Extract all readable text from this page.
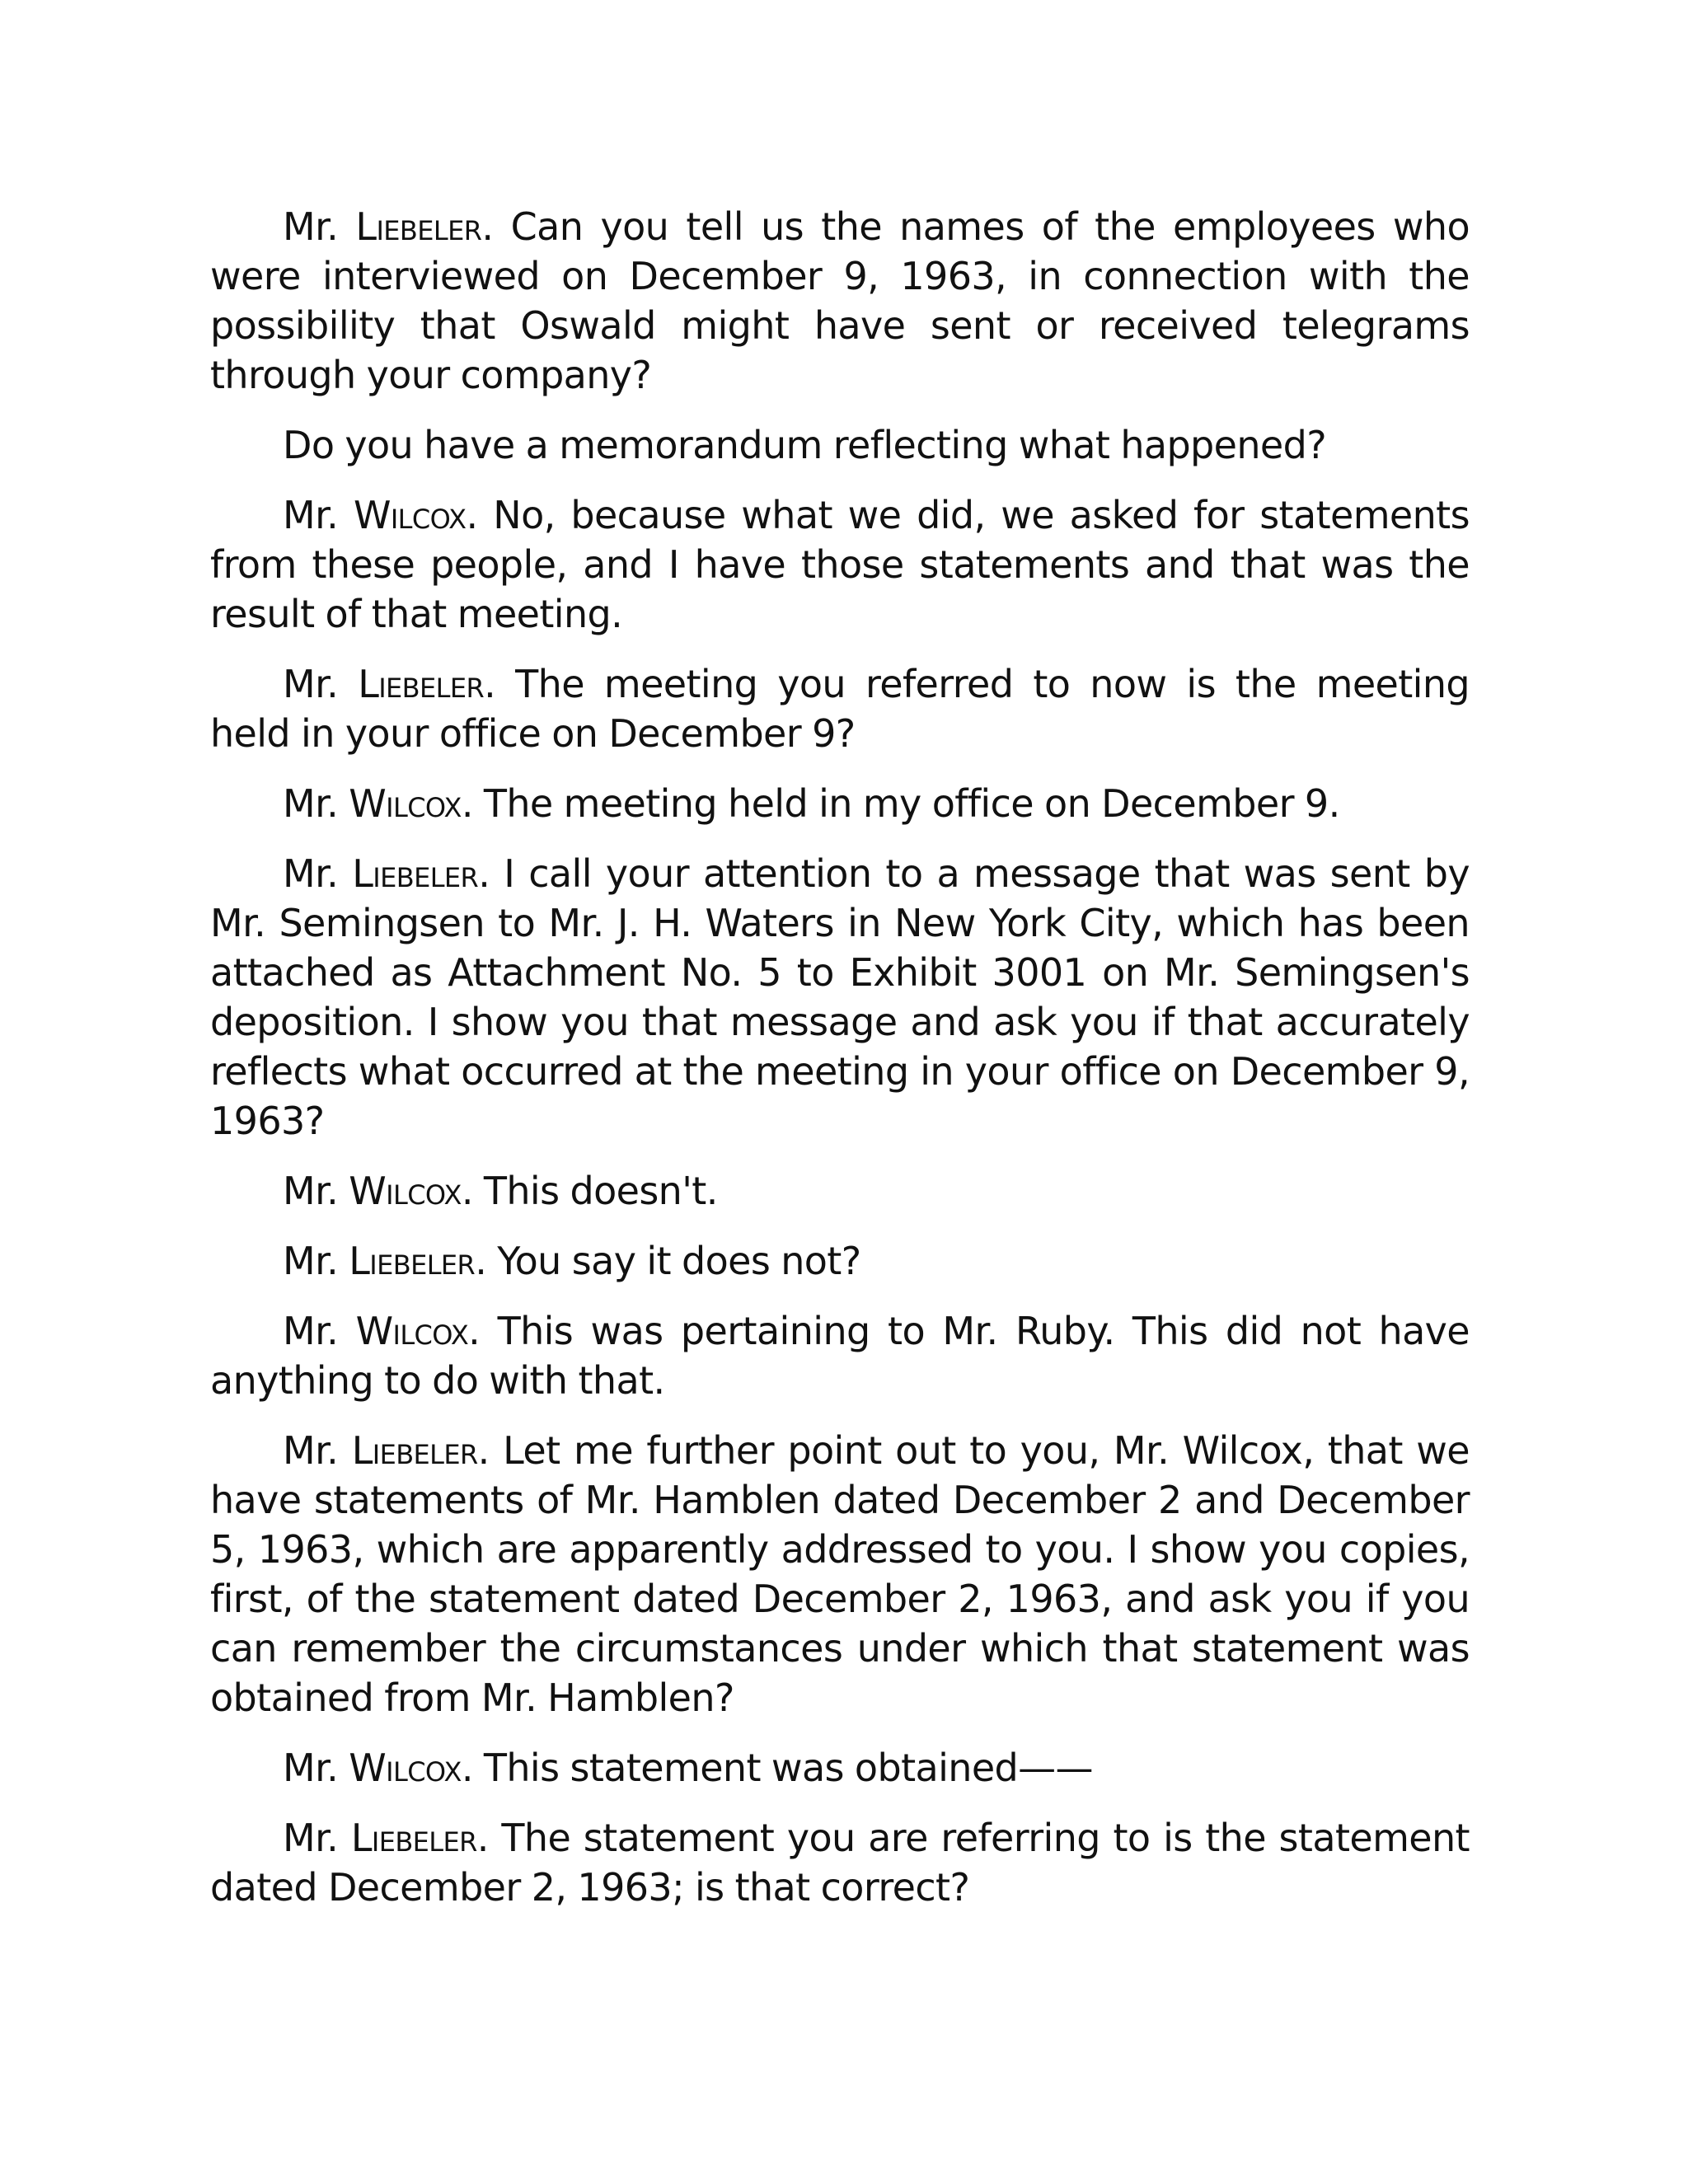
Mr. Liebeler. Can you tell us the names of the employees who were interviewed on December 9, 1963, in connection with the possibility that Oswald might have sent or received telegrams through your company?

Do you have a memorandum reflecting what happened?

Mr. Wilcox. No, because what we did, we asked for statements from these people, and I have those statements and that was the result of that meeting.

Mr. Liebeler. The meeting you referred to now is the meeting held in your office on December 9?

Mr. Wilcox. The meeting held in my office on December 9.

Mr. Liebeler. I call your attention to a message that was sent by Mr. Semingsen to Mr. J. H. Waters in New York City, which has been attached as Attachment No. 5 to Exhibit 3001 on Mr. Semingsen's deposition. I show you that message and ask you if that accurately reflects what occurred at the meeting in your office on December 9, 1963?

Mr. Wilcox. This doesn't.

Mr. Liebeler. You say it does not?

Mr. Wilcox. This was pertaining to Mr. Ruby. This did not have anything to do with that.

Mr. Liebeler. Let me further point out to you, Mr. Wilcox, that we have statements of Mr. Hamblen dated December 2 and December 5, 1963, which are apparently addressed to you. I show you copies, first, of the statement dated December 2, 1963, and ask you if you can remember the circumstances under which that statement was obtained from Mr. Hamblen?

Mr. Wilcox. This statement was obtained——

Mr. Liebeler. The statement you are referring to is the statement dated December 2, 1963; is that correct?
